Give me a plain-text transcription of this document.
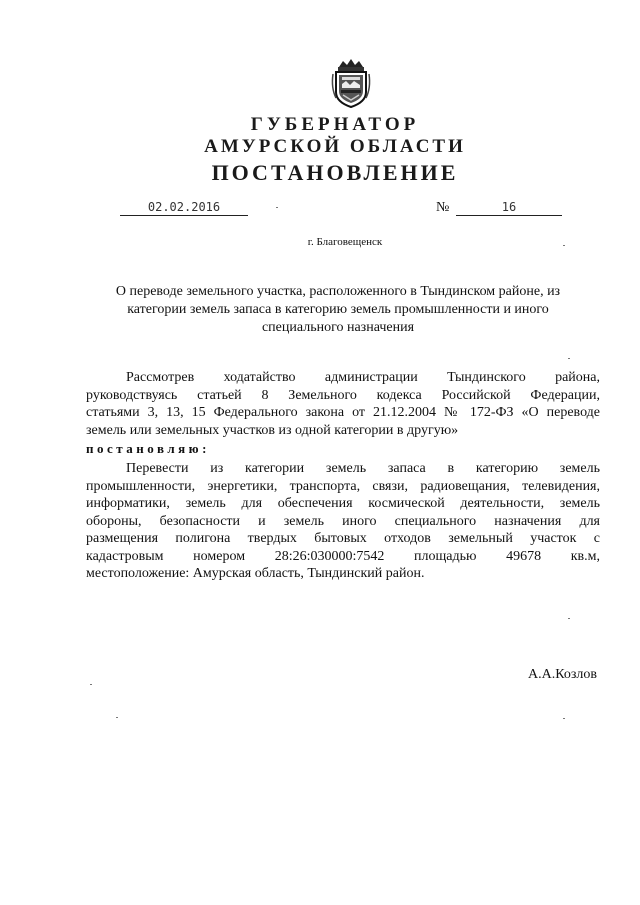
ГУБЕРНАТОР
АМУРСКОЙ ОБЛАСТИ
ПОСТАНОВЛЕНИЕ
02.02.2016	№	16
г. Благовещенск
О переводе земельного участка, расположенного в Тындинском районе, из
категории земель запаса в категорию земель промышленности и иного
специального назначения
Рассмотрев ходатайство администрации Тындинского района,
руководствуясь статьей 8 Земельного кодекса Российской Федерации,
статьями 3, 13, 15 Федерального закона от 21.12.2004 № 172-ФЗ «О переводе
земель или земельных участков из одной категории в другую»
постановляю:
Перевести из категории земель запаса в категорию земель
промышленности, энергетики, транспорта, связи, радиовещания, телевидения,
информатики, земель для обеспечения космической деятельности, земель
обороны, безопасности и земель иного специального назначения для
размещения полигона твердых бытовых отходов земельный участок с
кадастровым номером 28:26:030000:7542 площадью 49678 кв.м,
местоположение: Амурская область, Тындинский район.
А.А.Козлов
